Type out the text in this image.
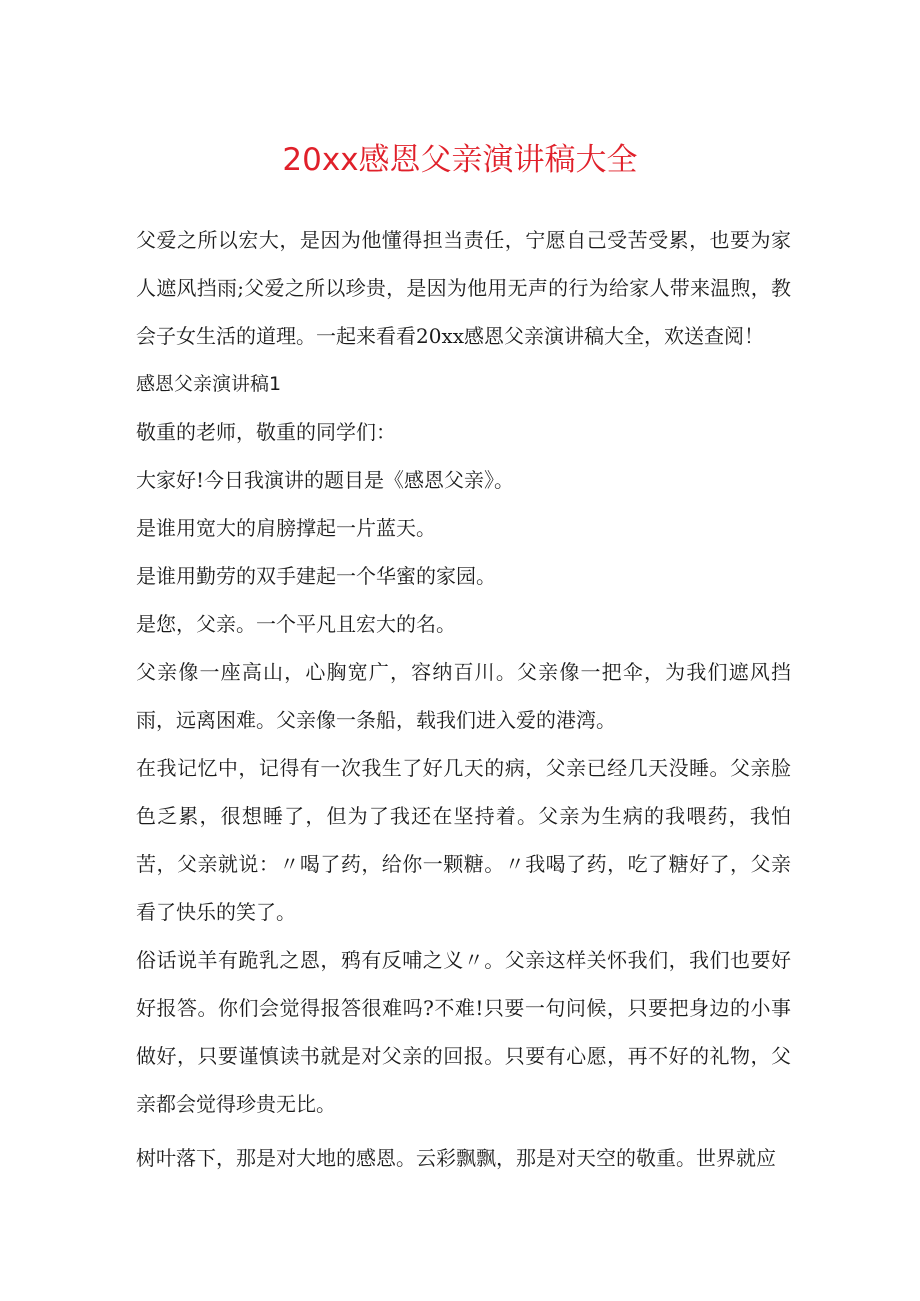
20xx感恩父亲演讲稿大全

父爱之所以宏大，是因为他懂得担当责任，宁愿自己受苦受累，也要为家人遮风挡雨;父爱之所以珍贵，是因为他用无声的行为给家人带来温煦，教会子女生活的道理。一起来看看20xx感恩父亲演讲稿大全，欢送查阅！

感恩父亲演讲稿1

敬重的老师，敬重的同学们：

大家好!今日我演讲的题目是《感恩父亲》。

是谁用宽大的肩膀撑起一片蓝天。

是谁用勤劳的双手建起一个华蜜的家园。

是您，父亲。一个平凡且宏大的名。

父亲像一座高山，心胸宽广，容纳百川。父亲像一把伞，为我们遮风挡雨，远离困难。父亲像一条船，载我们进入爱的港湾。

在我记忆中，记得有一次我生了好几天的病，父亲已经几天没睡。父亲脸色乏累，很想睡了，但为了我还在坚持着。父亲为生病的我喂药，我怕苦，父亲就说：〃喝了药，给你一颗糖。〃我喝了药，吃了糖好了，父亲看了快乐的笑了。

俗话说羊有跪乳之恩，鸦有反哺之义〃。父亲这样关怀我们，我们也要好好报答。你们会觉得报答很难吗?不难!只要一句问候，只要把身边的小事做好，只要谨慎读书就是对父亲的回报。只要有心愿，再不好的礼物，父亲都会觉得珍贵无比。

树叶落下，那是对大地的感恩。云彩飘飘，那是对天空的敬重。世界就应
